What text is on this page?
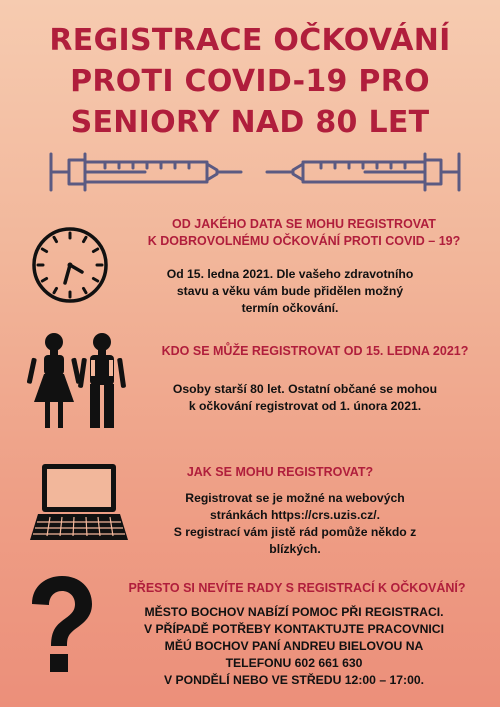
REGISTRACE OČKOVÁNÍ
PROTI COVID-19 PRO
SENIORY NAD 80 LET
OD JAKÉHO DATA SE MOHU REGISTROVAT
K DOBROVOLNÉMU OČKOVÁNÍ PROTI COVID – 19?
Od 15. ledna 2021. Dle vašeho zdravotního
stavu a věku vám bude přidělen možný
termín očkování.
KDO SE MŮŽE REGISTROVAT OD 15. LEDNA 2021?
Osoby starší 80 let. Ostatní občané se mohou
k očkování registrovat od 1. února 2021.
JAK SE MOHU REGISTROVAT?
Registrovat se je možné na webových
stránkách https://crs.uzis.cz/.
S registrací vám jistě rád pomůže někdo z
blízkých.
PŘESTO SI NEVÍTE RADY S REGISTRACÍ K OČKOVÁNÍ?
MĚSTO BOCHOV NABÍZÍ POMOC PŘI REGISTRACI.
V PŘÍPADĚ POTŘEBY KONTAKTUJTE PRACOVNICI
MĚÚ BOCHOV PANÍ ANDREU BIELOVOU NA
TELEFONU 602 661 630
V PONDĚLÍ NEBO VE STŘEDU 12:00 – 17:00.
